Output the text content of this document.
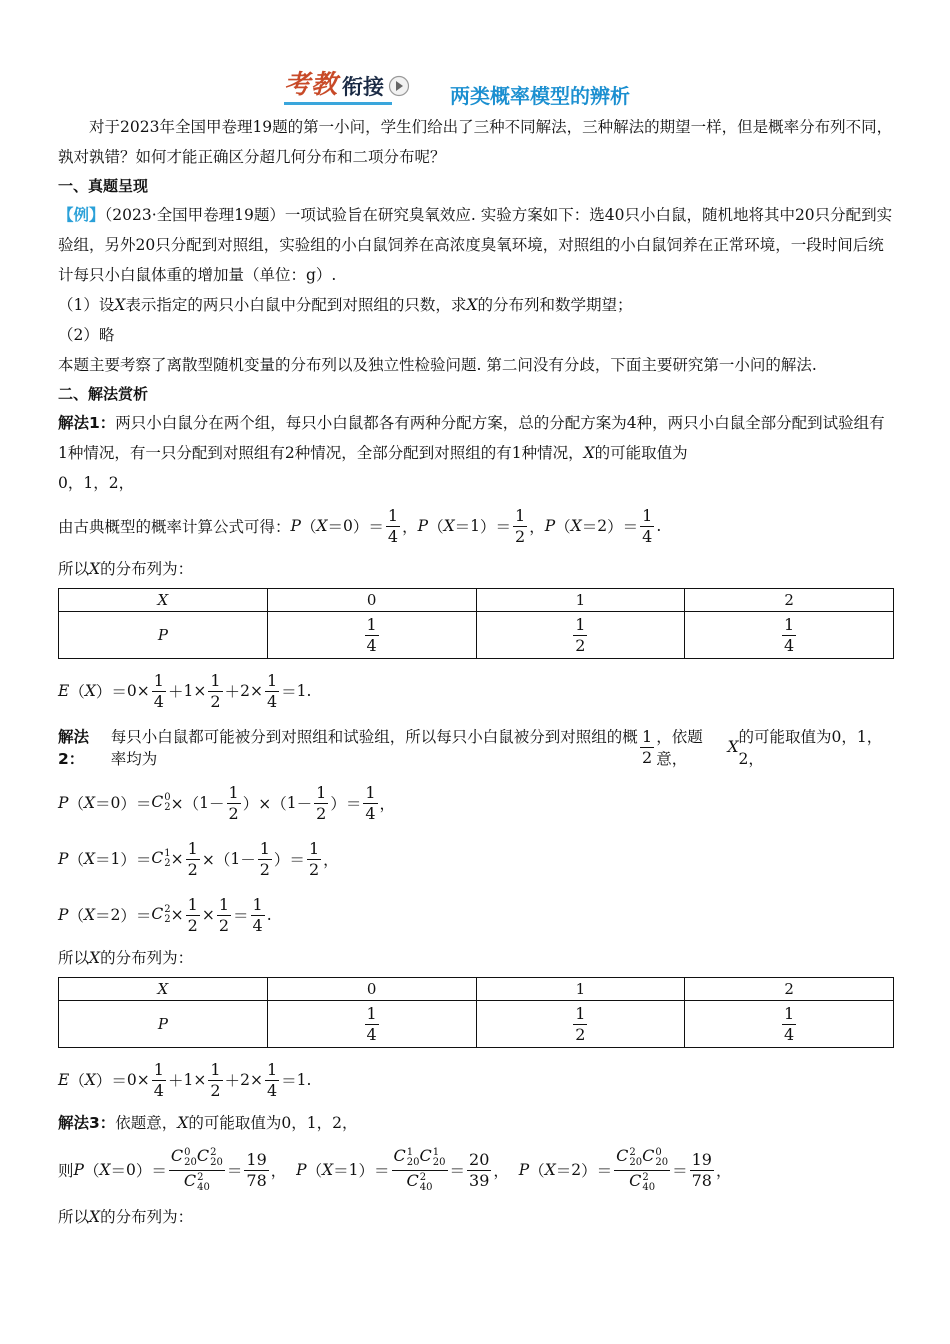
考教 衔接	两类概率模型的辨析

对于2023年全国甲卷理19题的第一小问，学生们给出了三种不同解法，三种解法的期望一样，但是概率分布列不同，孰对孰错？如何才能正确区分超几何分布和二项分布呢？

一、真题呈现

【例】（2023·全国甲卷理19题）一项试验旨在研究臭氧效应. 实验方案如下：选40只小白鼠，随机地将其中20只分配到实验组，另外20只分配到对照组，实验组的小白鼠饲养在高浓度臭氧环境，对照组的小白鼠饲养在正常环境，一段时间后统计每只小白鼠体重的增加量（单位：g）.

（1）设X表示指定的两只小白鼠中分配到对照组的只数，求X的分布列和数学期望；

（2）略

本题主要考察了离散型随机变量的分布列以及独立性检验问题. 第二问没有分歧，下面主要研究第一小问的解法.

二、解法赏析

解法1：两只小白鼠分在两个组，每只小白鼠都各有两种分配方案，总的分配方案为4种，两只小白鼠全部分配到试验组有1种情况，有一只分配到对照组有2种情况，全部分配到对照组的有1种情况，X的可能取值为

0，1，2，

由古典概型的概率计算公式可得： P （ X ＝ 0 ）＝ $\frac{1}{4}$ ， P （ X ＝ 1 ）＝ $\frac{1}{2}$ ， P （ X ＝ 2 ）＝ $\frac{1}{4}$ .

所以X的分布列为：

X	0	1	2
P	$\frac{1}{4}$	$\frac{1}{2}$	$\frac{1}{4}$
E （ X ）＝ $0 \times \frac{1}{4} + 1 \times \frac{1}{2} + 2 \times \frac{1}{4} = 1$ .
解法2：
每只小白鼠都可能被分到对照组和试验组，所以每只小白鼠被分到对照组的概率均为	$\frac{1}{2}$ ，依题意，
X
的可能取值为0，1，2，
P （ X ＝ 0 ）＝ C 0
2 ×（ $1 - \frac{1}{2}$ ）×（ $1 - \frac{1}{2}$ ）＝ $\frac{1}{4}$ ，
P （ X ＝ 1 ）＝ C 1
$2 \times \frac{1}{2}$ ×（ $1 - \frac{1}{2}$ ）＝ $\frac{1}{2}$ ，
P （ X ＝ 2 ）＝ C 2
$2 \times \frac{1}{2} \times \frac{1}{2} = \frac{1}{4}$ .

所以X的分布列为：

X	0	1	2
P	$\frac{1}{4}$	$\frac{1}{2}$	$\frac{1}{4}$
E （ X ）＝ $0 \times \frac{1}{4} + 1 \times \frac{1}{2} + 2 \times \frac{1}{4} = 1$ .

解法3：依题意，X的可能取值为0，1，2，

则 P （ X ＝ 0 ）＝ C 0
20 C 2
20
C 2
$40 = \frac{19}{78}$ ， P （ X ＝ 1 ）＝ C 1
20 C 1
20
C 2
$40 = \frac{20}{39}$ ， P （ X ＝ 2 ）＝ C 2
20 C 0
20
C 2
$40 = \frac{19}{78}$ ，

所以X的分布列为：
